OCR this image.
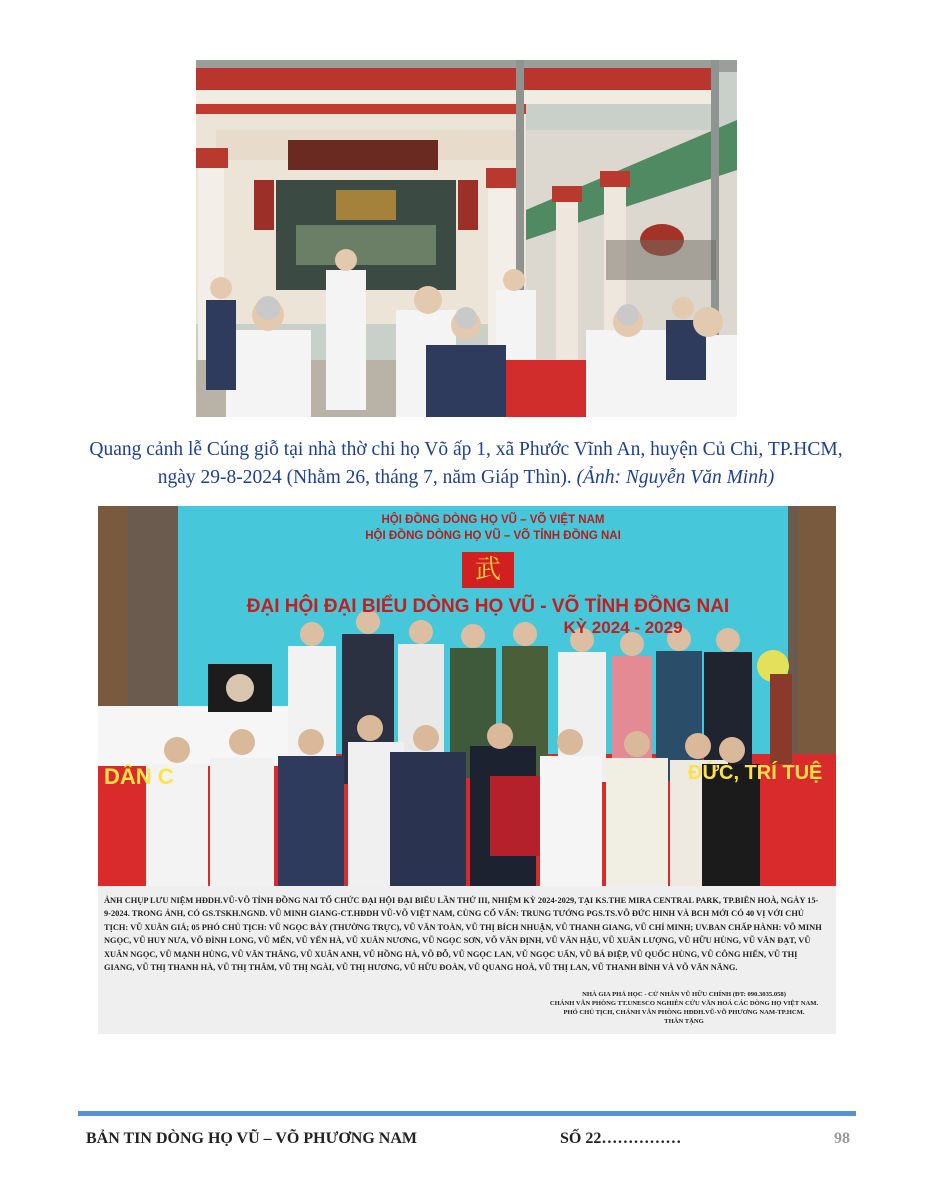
Quang cảnh lễ Cúng giỗ tại nhà thờ chi họ Võ ấp 1, xã Phước Vĩnh An, huyện Củ Chi, TP.HCM, ngày 29-8-2024 (Nhằm 26, tháng 7, năm Giáp Thìn). (Ảnh: Nguyễn Văn Minh)
HỘI ĐỒNG DÒNG HỌ VŨ – VÕ VIỆT NAM
HỘI ĐỒNG DÒNG HỌ VŨ – VÕ TỈNH ĐỒNG NAI
武
ĐẠI HỘI ĐẠI BIỂU DÒNG HỌ VŨ - VÕ TỈNH ĐỒNG NAI
KỲ 2024 - 2029
DÂN C	ĐỨC, TRÍ TUỆ
ẢNH CHỤP LƯU NIỆM HĐDH.VŨ-VÕ TỈNH ĐỒNG NAI TỔ CHỨC ĐẠI HỘI ĐẠI BIỂU LẦN THỨ III, NHIỆM KỲ 2024-2029, TẠI KS.THE MIRA CENTRAL PARK, TP.BIÊN HOÀ, NGÀY 15-9-2024. TRONG ẢNH, CÓ GS.TSKH.NGND. VŨ MINH GIANG-CT.HĐDH VŨ-VÕ VIỆT NAM, CÙNG CỐ VẤN: TRUNG TƯỚNG PGS.TS.VÕ ĐỨC HINH VÀ BCH MỚI CÓ 40 VỊ VỚI CHỦ TỊCH: VŨ XUÂN GIÁ; 05 PHÓ CHỦ TỊCH: VŨ NGỌC BẢY (THƯỜNG TRỰC), VŨ VĂN TOÀN, VŨ THỊ BÍCH NHUẬN, VŨ THANH GIANG, VŨ CHÍ MINH; UV.BAN CHẤP HÀNH: VÕ MINH NGỌC, VŨ HUY NƯA, VÕ ĐÌNH LONG, VŨ MẾN, VŨ YẾN HÀ, VŨ XUÂN NƯƠNG, VŨ NGỌC SƠN, VÕ VĂN ĐỊNH, VŨ VĂN HẬU, VŨ XUÂN LƯỢNG, VŨ HỮU HÙNG, VŨ VĂN ĐẠT, VŨ XUÂN NGỌC, VŨ MẠNH HÙNG, VŨ VĂN THẮNG, VŨ XUÂN ANH, VŨ HỒNG HÀ, VÕ ĐỖ, VŨ NGỌC LAN, VŨ NGỌC UẨN, VŨ BÁ ĐIỆP, VŨ QUỐC HÙNG, VŨ CÔNG HIẾN, VŨ THỊ GIANG, VŨ THỊ THANH HÀ, VŨ THỊ THẮM, VŨ THỊ NGÀI, VŨ THỊ HƯƠNG, VŨ HỮU ĐOÀN, VŨ QUANG HOÀ, VŨ THỊ LAN, VŨ THANH BÌNH VÀ VÕ VĂN NĂNG.
NHÀ GIA PHẢ HỌC - CỬ NHÂN VŨ HỮU CHÍNH (ĐT: 090.3035.058)
CHÁNH VĂN PHÒNG TT.UNESCO NGHIÊN CỨU VĂN HOÁ CÁC DÒNG HỌ VIỆT NAM.
PHÓ CHỦ TỊCH, CHÁNH VĂN PHÒNG HĐDH.VŨ-VÕ PHƯƠNG NAM-TP.HCM.
THÂN TẶNG
BẢN TIN DÒNG HỌ VŨ – VÕ PHƯƠNG NAM	SỐ 22……………	98
